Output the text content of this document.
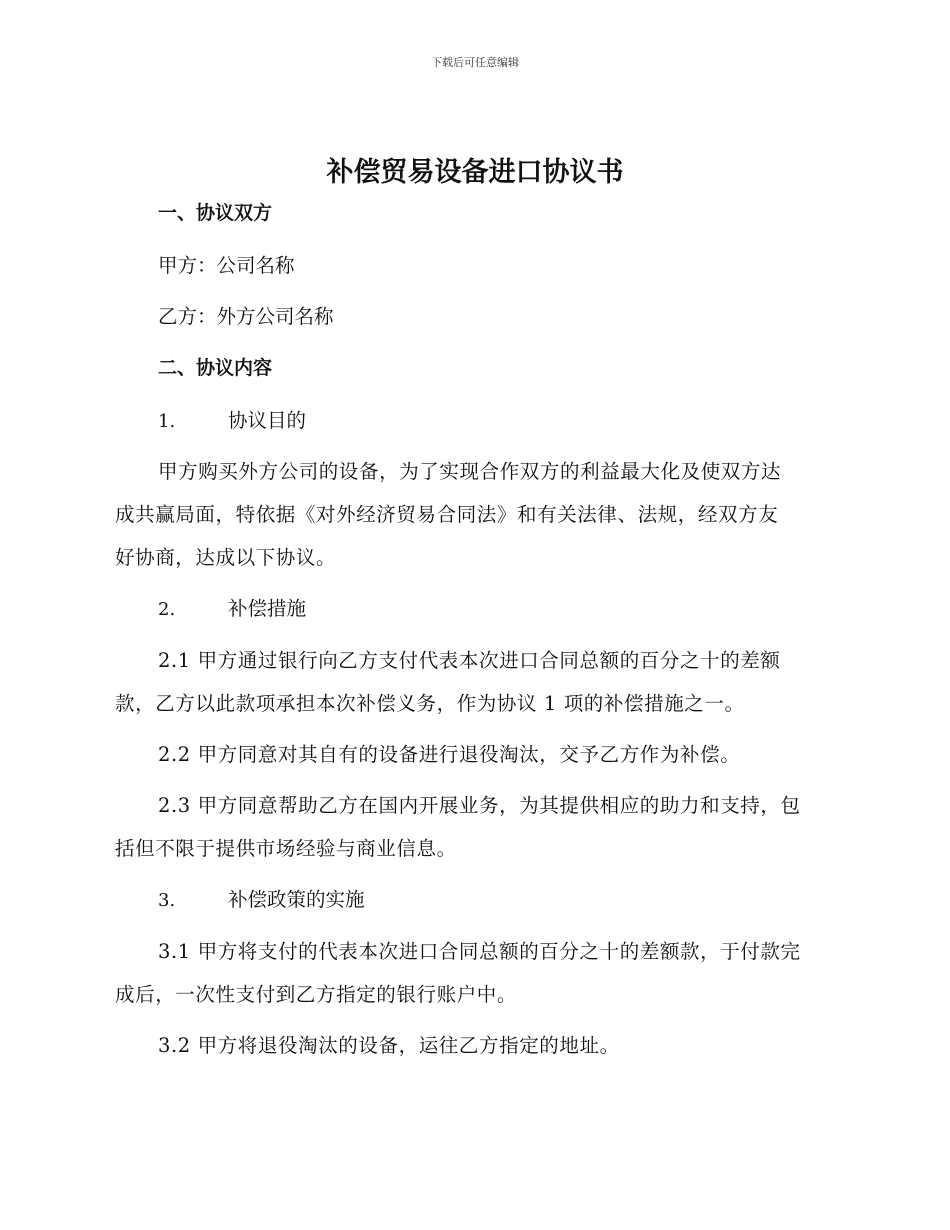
下载后可任意编辑
补偿贸易设备进口协议书
一、协议双方
甲方：公司名称
乙方：外方公司名称
二、协议内容
1.	协议目的
甲方购买外方公司的设备，为了实现合作双方的利益最大化及使双方达
成共赢局面，特依据《对外经济贸易合同法》和有关法律、法规，经双方友
好协商，达成以下协议。
2.	补偿措施
2.1 甲方通过银行向乙方支付代表本次进口合同总额的百分之十的差额
款，乙方以此款项承担本次补偿义务，作为协议 1 项的补偿措施之一。
2.2 甲方同意对其自有的设备进行退役淘汰，交予乙方作为补偿。
2.3 甲方同意帮助乙方在国内开展业务，为其提供相应的助力和支持，包
括但不限于提供市场经验与商业信息。
3.	补偿政策的实施
3.1 甲方将支付的代表本次进口合同总额的百分之十的差额款，于付款完
成后，一次性支付到乙方指定的银行账户中。
3.2 甲方将退役淘汰的设备，运往乙方指定的地址。
